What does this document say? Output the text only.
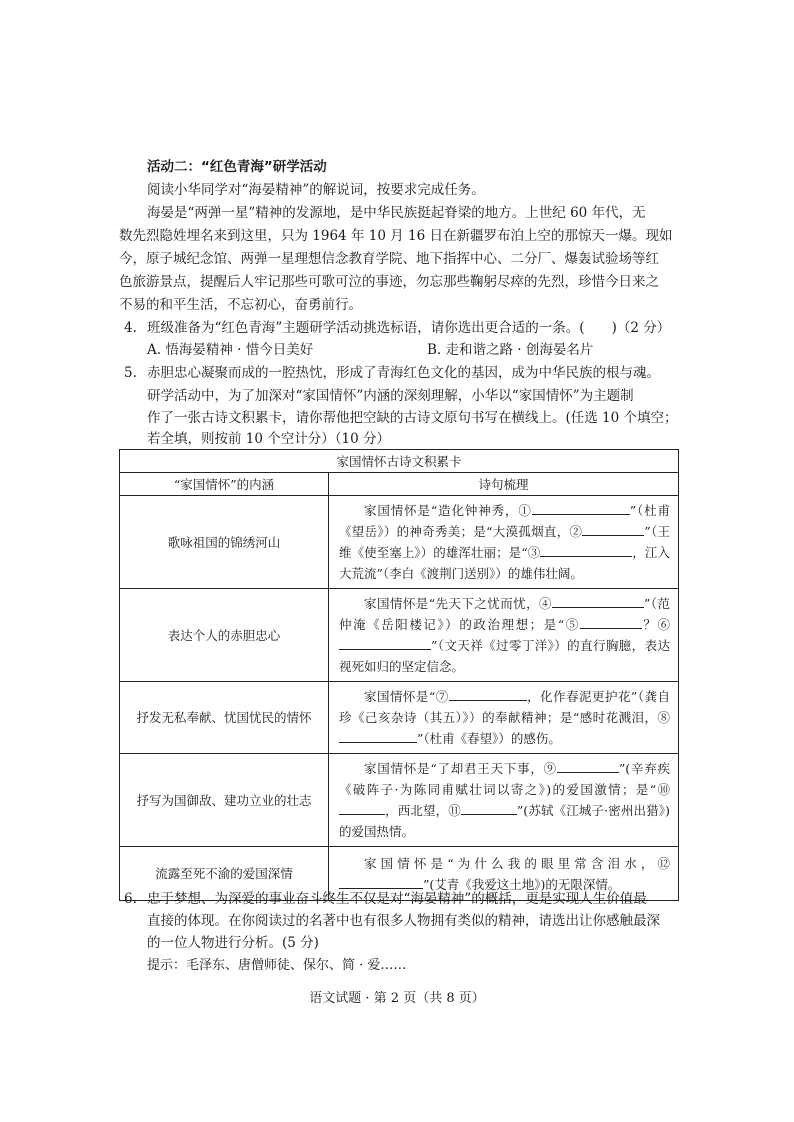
活动二：“红色青海”研学活动
阅读小华同学对“海晏精神”的解说词，按要求完成任务。
海晏是“两弹一星”精神的发源地，是中华民族挺起脊梁的地方。上世纪 60 年代，无
数先烈隐姓埋名来到这里，只为 1964 年 10 月 16 日在新疆罗布泊上空的那惊天一爆。现如
今，原子城纪念馆、两弹一星理想信念教育学院、地下指挥中心、二分厂、爆轰试验场等红
色旅游景点，提醒后人牢记那些可歌可泣的事迹，勿忘那些鞠躬尽瘁的先烈，珍惜今日来之
不易的和平生活，不忘初心，奋勇前行。
4. 班级准备为“红色青海”主题研学活动挑选标语，请你选出更合适的一条。(　　)（2 分）
A. 悟海晏精神 · 惜今日美好	B. 走和谐之路 · 创海晏名片
5. 赤胆忠心凝聚而成的一腔热忱，形成了青海红色文化的基因，成为中华民族的根与魂。
研学活动中，为了加深对“家国情怀”内涵的深刻理解，小华以“家国情怀”为主题制
作了一张古诗文积累卡，请你帮他把空缺的古诗文原句书写在横线上。(任选 10 个填空；
若全填，则按前 10 个空计分）（10 分）
家国情怀古诗文积累卡	
“家国情怀”的内涵	诗句梳理
歌咏祖国的锦绣河山	家国情怀是“造化钟神秀，① ”（杜甫《望岳》）的神奇秀美；是“大漠孤烟直，② ”（王维《使至塞上》）的雄浑壮丽；是“③ ，江入大荒流”（李白《渡荆门送别》）的雄伟壮阔。
表达个人的赤胆忠心	家国情怀是“先天下之忧而忧，④ ”（范仲淹《岳阳楼记》）的政治理想；是“⑤ ？⑥”（文天祥《过零丁洋》）的直行胸臆，表达视死如归的坚定信念。
抒发无私奉献、忧国忧民的情怀	家国情怀是“⑦ ，化作春泥更护花”（龚自珍《己亥杂诗（其五）》）的奉献精神；是“感时花溅泪，⑧”（杜甫《春望》）的感伤。
抒写为国御敌、建功立业的壮志	家国情怀是“了却君王天下事，⑨ ”(辛弃疾《破阵子·为陈同甫赋壮词以寄之》)的爱国激情；是“⑩，西北望，⑪ ”(苏轼《江城子·密州出猎》)的爱国热情。
流露至死不渝的爱国深情	家国情怀是“为什么我的眼里常含泪水，⑫”(艾青《我爱这土地》)的无限深情。
6. 忠于梦想、为深爱的事业奋斗终生不仅是对“海晏精神”的概括，更是实现人生价值最
直接的体现。在你阅读过的名著中也有很多人物拥有类似的精神，请选出让你感触最深
的一位人物进行分析。(5 分)
提示：毛泽东、唐僧师徒、保尔、简 · 爱……
语文试题 · 第 2 页（共 8 页）
